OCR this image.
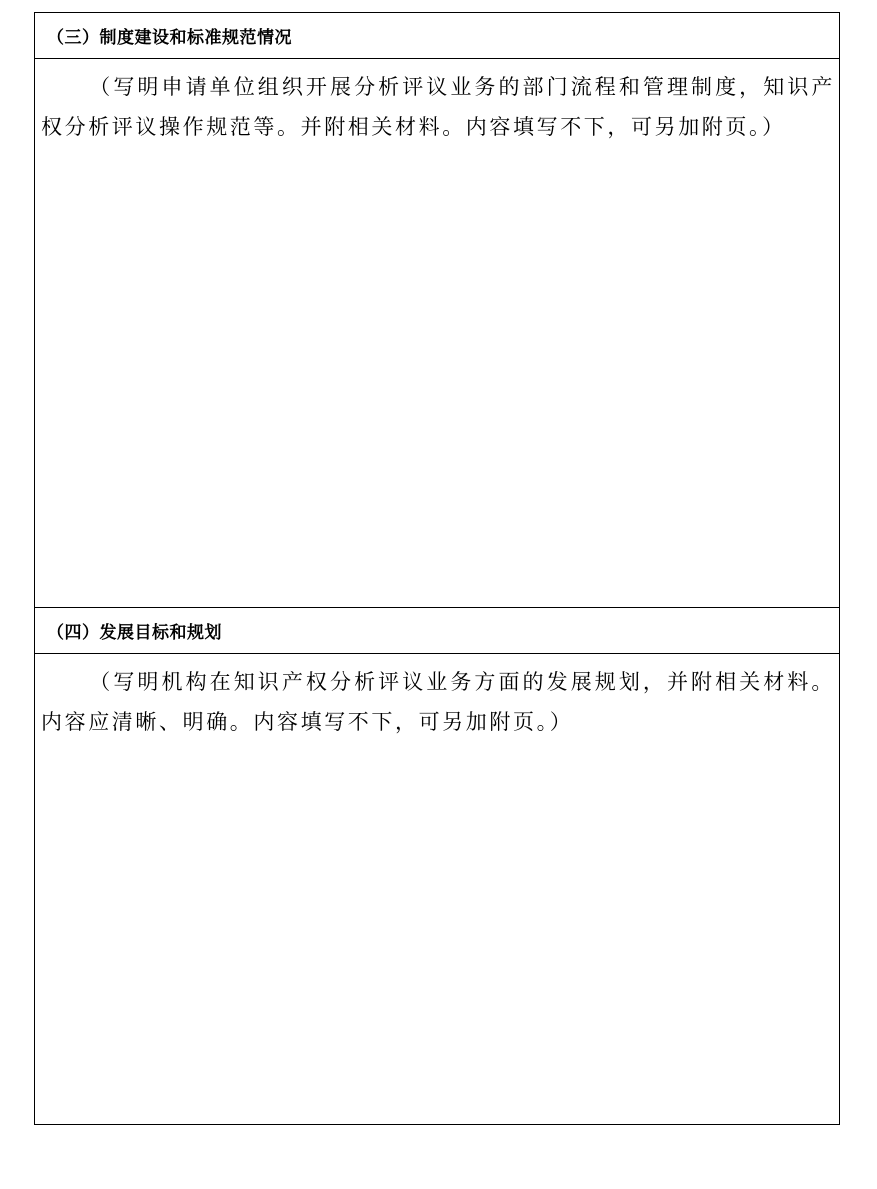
（三）制度建设和标准规范情况

（写明申请单位组织开展分析评议业务的部门流程和管理制度，知识产权分析评议操作规范等。并附相关材料。内容填写不下，可另加附页。）

（四）发展目标和规划

（写明机构在知识产权分析评议业务方面的发展规划，并附相关材料。内容应清晰、明确。内容填写不下，可另加附页。）
